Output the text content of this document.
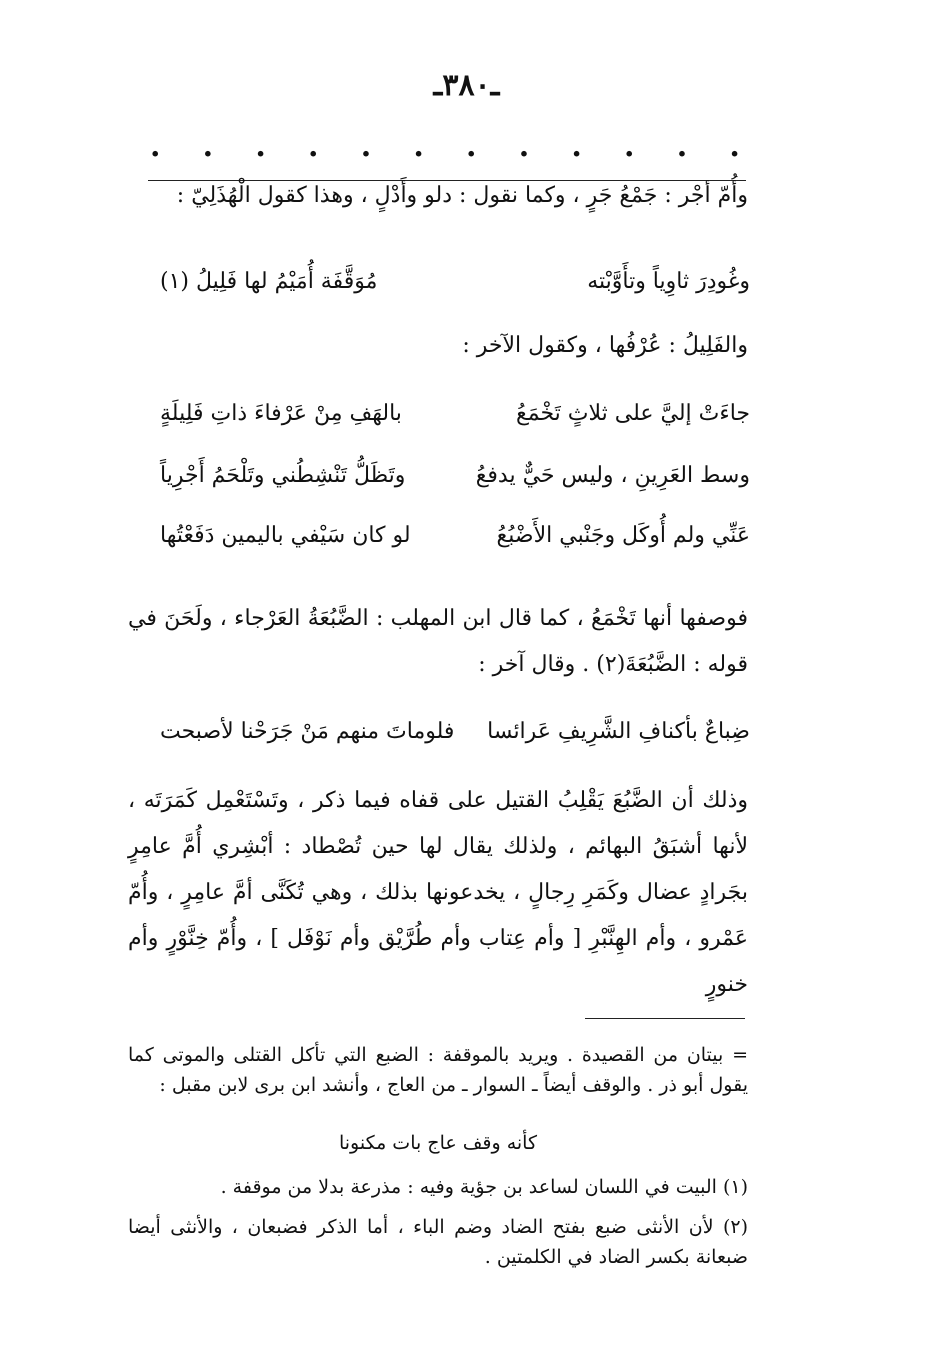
ـ٣٨٠ـ
. . . . . . . . . . . .

وأُمّ أجْر : جَمْعُ جَرٍ ، وكما نقول : دلو وأَدْلٍ ، وهذا كقول الْهُذَلِيّ :

وغُودِرَ ثاوِياً وتأَوَّبْته
مُوَقَّفَة أُمَيْمُ لها فَلِيلُ (١)

والفَلِيلُ : عُرْفُها ، وكقول الآخر :

جاءَتْ إليَّ على ثلاثٍ تَخْمَعُ
بالهَفِ مِنْ عَرْفاءَ ذاتِ فَلِيلَةٍ
وسط العَرِينِ ، وليس حَيٌّ يدفعُ
وتَظَلُّ تَنْشِطُني وتَلْحَمُ أَجْرِياً
عَنِّي ولم أُوكَل وجَنْبي الأَضْبُعُ
لو كان سَيْفي باليمين دَفَعْتُها

فوصفها أنها تَخْمَعُ ، كما قال ابن المهلب : الضَّبُعَةُ العَرْجاء ، ولَحَنَ في قوله : الضَّبُعَةَ(٢) . وقال آخر :

ضِباعٌ بأكنافِ الشَّرِيفِ عَرائسا
فلوماتَ منهم مَنْ جَرَحْنا لأصبحت

وذلك أن الضَّبُعَ يَقْلِبُ القتيل على قفاه فيما ذكر ، وتَسْتَعْمِل كَمَرَتَه ، لأنها أشبَقُ البهائم ، ولذلك يقال لها حين تُصْطاد : أبْشِري أُمَّ عامِرٍ بجَرادٍ عضال وكَمَرِ رِجالٍ ، يخدعونها بذلك ، وهي تُكَنَّى أمَّ عامِرٍ ، وأُمّ عَمْرو ، وأم الهِنَّبْرِ [ وأم عِتاب وأم طُرَّيْق وأم نَوْفَل ] ، وأُمّ خِنَّوْرٍ وأم خنورٍ

= بيتان من القصيدة . ويريد بالموقفة : الضبع التي تأكل القتلى والموتى كما يقول أبو ذر . والوقف أيضاً ـ السوار ـ من العاج ، وأنشد ابن برى لابن مقبل :

كأنه وقف عاج بات مكنونا

(١) البيت في اللسان لساعد بن جؤية وفيه : مذرعة بدلا من موقفة .

(٢) لأن الأنثى ضبع بفتح الضاد وضم الباء ، أما الذكر فضبعان ، والأنثى أيضا ضبعانة بكسر الضاد في الكلمتين .
